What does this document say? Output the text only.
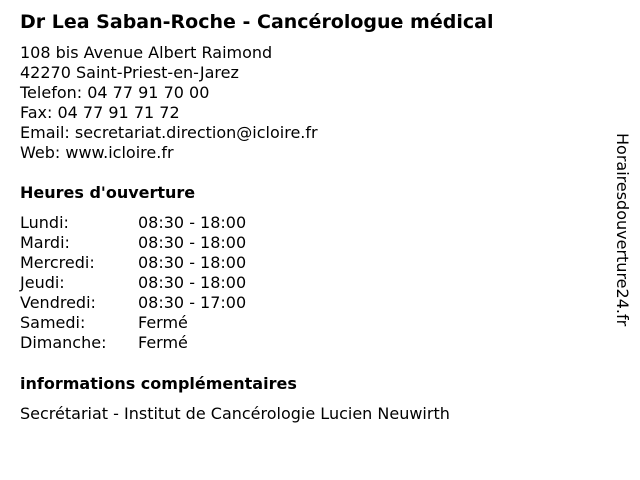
Dr Lea Saban-Roche - Cancérologue médical
108 bis Avenue Albert Raimond
42270 Saint-Priest-en-Jarez
Telefon: 04 77 91 70 00
Fax: 04 77 91 71 72
Email: secretariat.direction@icloire.fr
Web: www.icloire.fr
Heures d'ouverture
Lundi:	08:30 - 18:00
Mardi:	08:30 - 18:00
Mercredi:	08:30 - 18:00
Jeudi:	08:30 - 18:00
Vendredi:	08:30 - 17:00
Samedi:	Fermé
Dimanche: Fermé
informations complémentaires
Secrétariat - Institut de Cancérologie Lucien Neuwirth
Horairesdouverture24.fr
